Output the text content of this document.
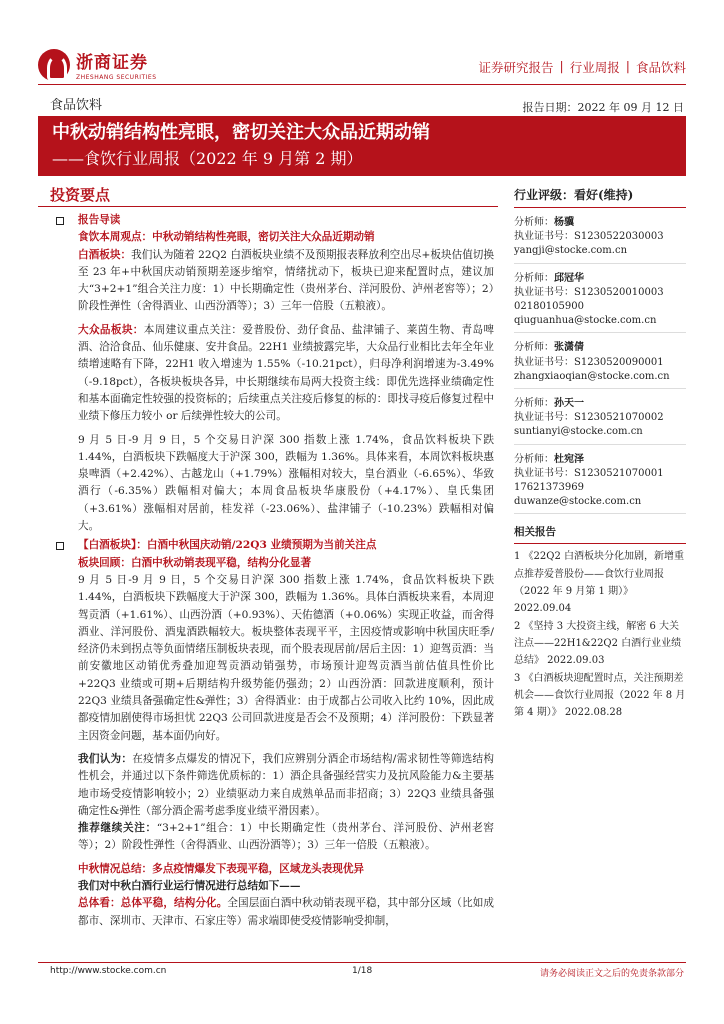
浙商证券
ZHESHANG SECURITIES
证券研究报告 | 行业周报 | 食品饮料
食品饮料	报告日期：2022 年 09 月 12 日
中秋动销结构性亮眼，密切关注大众品近期动销
——食饮行业周报（2022 年 9 月第 2 期）
投资要点
报告导读
食饮本周观点：中秋动销结构性亮眼，密切关注大众品近期动销
白酒板块：我们认为随着 22Q2 白酒板块业绩不及预期报表释放利空出尽+板块估值切换至 23 年+中秋国庆动销预期差逐步缩窄，情绪扰动下，板块已迎来配置时点，建议加大“3+2+1”组合关注力度：1）中长期确定性（贵州茅台、洋河股份、泸州老窖等）；2）阶段性弹性（舍得酒业、山西汾酒等）；3）三年一倍股（五粮液）。
大众品板块：本周建议重点关注：爱普股份、劲仔食品、盐津铺子、莱茵生物、青岛啤酒、洽洽食品、仙乐健康、安井食品。22H1 业绩披露完毕，大众品行业相比去年全年业绩增速略有下降，22H1 收入增速为 1.55%（-10.21pct），归母净利润增速为-3.49%（-9.18pct），各板块板块各异，中长期继续布局两大投资主线：即优先选择业绩确定性和基本面确定性较强的投资标的；后续重点关注疫后修复的标的：即找寻疫后修复过程中业绩下修压力较小 or 后续弹性较大的公司。
9 月 5 日-9 月 9 日，5 个交易日沪深 300 指数上涨 1.74%，食品饮料板块下跌 1.44%，白酒板块下跌幅度大于沪深 300，跌幅为 1.36%。具体来看，本周饮料板块惠泉啤酒（+2.42%）、古越龙山（+1.79%）涨幅相对较大，皇台酒业（-6.65%）、华致酒行（-6.35%）跌幅相对偏大；本周食品板块华康股份（+4.17%）、皇氏集团（+3.61%）涨幅相对居前，桂发祥（-23.06%）、盐津铺子（-10.23%）跌幅相对偏大。
【白酒板块】：白酒中秋国庆动销/22Q3 业绩预期为当前关注点
板块回顾：白酒中秋动销表现平稳，结构分化显著
9 月 5 日-9 月 9 日，5 个交易日沪深 300 指数上涨 1.74%，食品饮料板块下跌 1.44%，白酒板块下跌幅度大于沪深 300，跌幅为 1.36%。具体白酒板块来看，本周迎驾贡酒（+1.61%）、山西汾酒（+0.93%）、天佑德酒（+0.06%）实现正收益，而舍得酒业、洋河股份、酒鬼酒跌幅较大。板块整体表现平平，主因疫情或影响中秋国庆旺季/经济仍未到拐点等负面情绪压制板块表现，而个股表现居前/居后主因：1）迎驾贡酒：当前安徽地区动销优秀叠加迎驾贡酒动销强势，市场预计迎驾贡酒当前估值具性价比+22Q3 业绩或可期+后期结构升级势能仍强劲；2）山西汾酒：回款进度顺利，预计 22Q3 业绩具备强确定性&弹性；3）舍得酒业：由于成都占公司收入比约 10%，因此成都疫情加剧使得市场担忧 22Q3 公司回款进度是否会不及预期；4）洋河股份：下跌显著主因资金问题，基本面仍向好。
我们认为：在疫情多点爆发的情况下，我们应辨别分酒企市场结构/需求韧性等筛选结构性机会，并通过以下条件筛选优质标的：1）酒企具备强经营实力及抗风险能力&主要基地市场受疫情影响较小；2）业绩驱动力来自成熟单品而非招商；3）22Q3 业绩具备强确定性&弹性（部分酒企需考虑季度业绩平滑因素）。
推荐继续关注：“3+2+1”组合：1）中长期确定性（贵州茅台、洋河股份、泸州老窖等）；2）阶段性弹性（舍得酒业、山西汾酒等）；3）三年一倍股（五粮液）。
中秋情况总结：多点疫情爆发下表现平稳，区域龙头表现优异
我们对中秋白酒行业运行情况进行总结如下——
总体看：总体平稳，结构分化。全国层面白酒中秋动销表现平稳，其中部分区域（比如成都市、深圳市、天津市、石家庄等）需求端即使受疫情影响受抑制，
行业评级：看好(维持)
分析师：杨骥
执业证书号：S1230522030003
yangji@stocke.com.cn
分析师：邱冠华
执业证书号：S1230520010003
02180105900
qiuguanhua@stocke.com.cn
分析师：张潇倩
执业证书号：S1230520090001
zhangxiaoqian@stocke.com.cn
分析师：孙天一
执业证书号：S1230521070002
suntianyi@stocke.com.cn
分析师：杜宛泽
执业证书号：S1230521070001
17621373969
duwanze@stocke.com.cn
相关报告
1 《22Q2 白酒板块分化加剧，新增重点推荐爱普股份——食饮行业周报（2022 年 9 月第 1 期）》 2022.09.04
2 《坚持 3 大投资主线，解密 6 大关注点——22H1&22Q2 白酒行业业绩总结》 2022.09.03
3 《白酒板块迎配置时点，关注预期差机会——食饮行业周报（2022 年 8 月第 4 期）》 2022.08.28
http://www.stocke.com.cn	1/18	请务必阅读正文之后的免责条款部分
